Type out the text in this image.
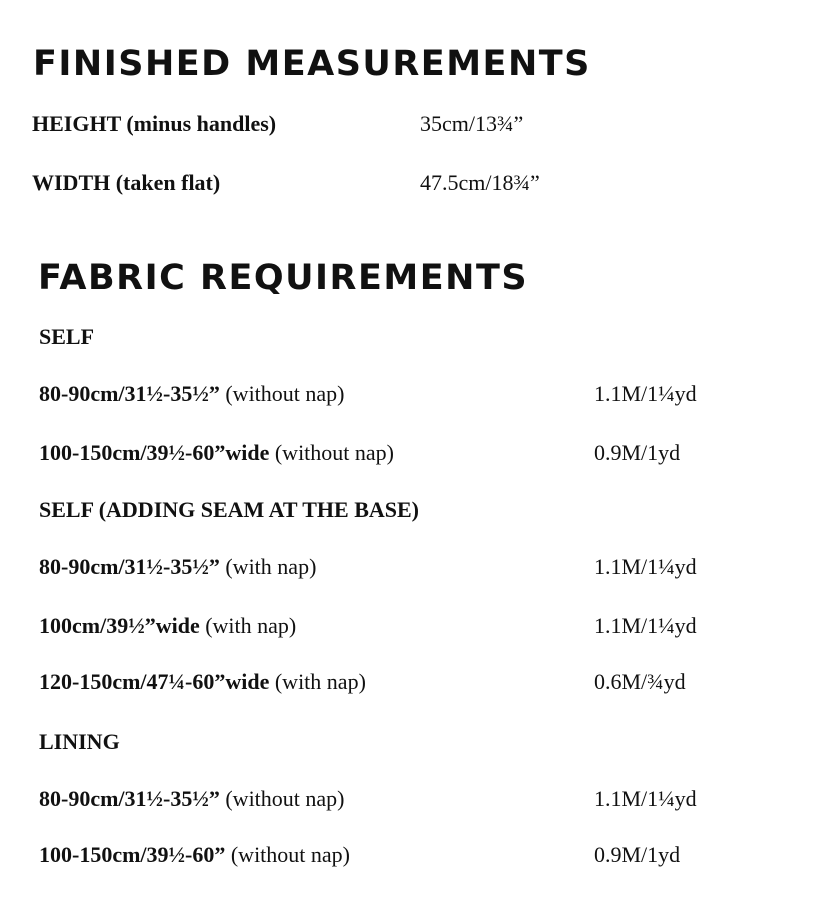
FINISHED MEASUREMENTS
HEIGHT (minus handles)	35cm/13¾”
WIDTH (taken flat)	47.5cm/18¾”
FABRIC REQUIREMENTS
SELF
80-90cm/31½-35½” (without nap)	1.1M/1¼yd
100-150cm/39½-60”wide (without nap)	0.9M/1yd
SELF (ADDING SEAM AT THE BASE)
80-90cm/31½-35½” (with nap)	1.1M/1¼yd
100cm/39½”wide (with nap)	1.1M/1¼yd
120-150cm/47¼-60”wide (with nap)	0.6M/¾yd
LINING
80-90cm/31½-35½” (without nap)	1.1M/1¼yd
100-150cm/39½-60” (without nap)	0.9M/1yd
